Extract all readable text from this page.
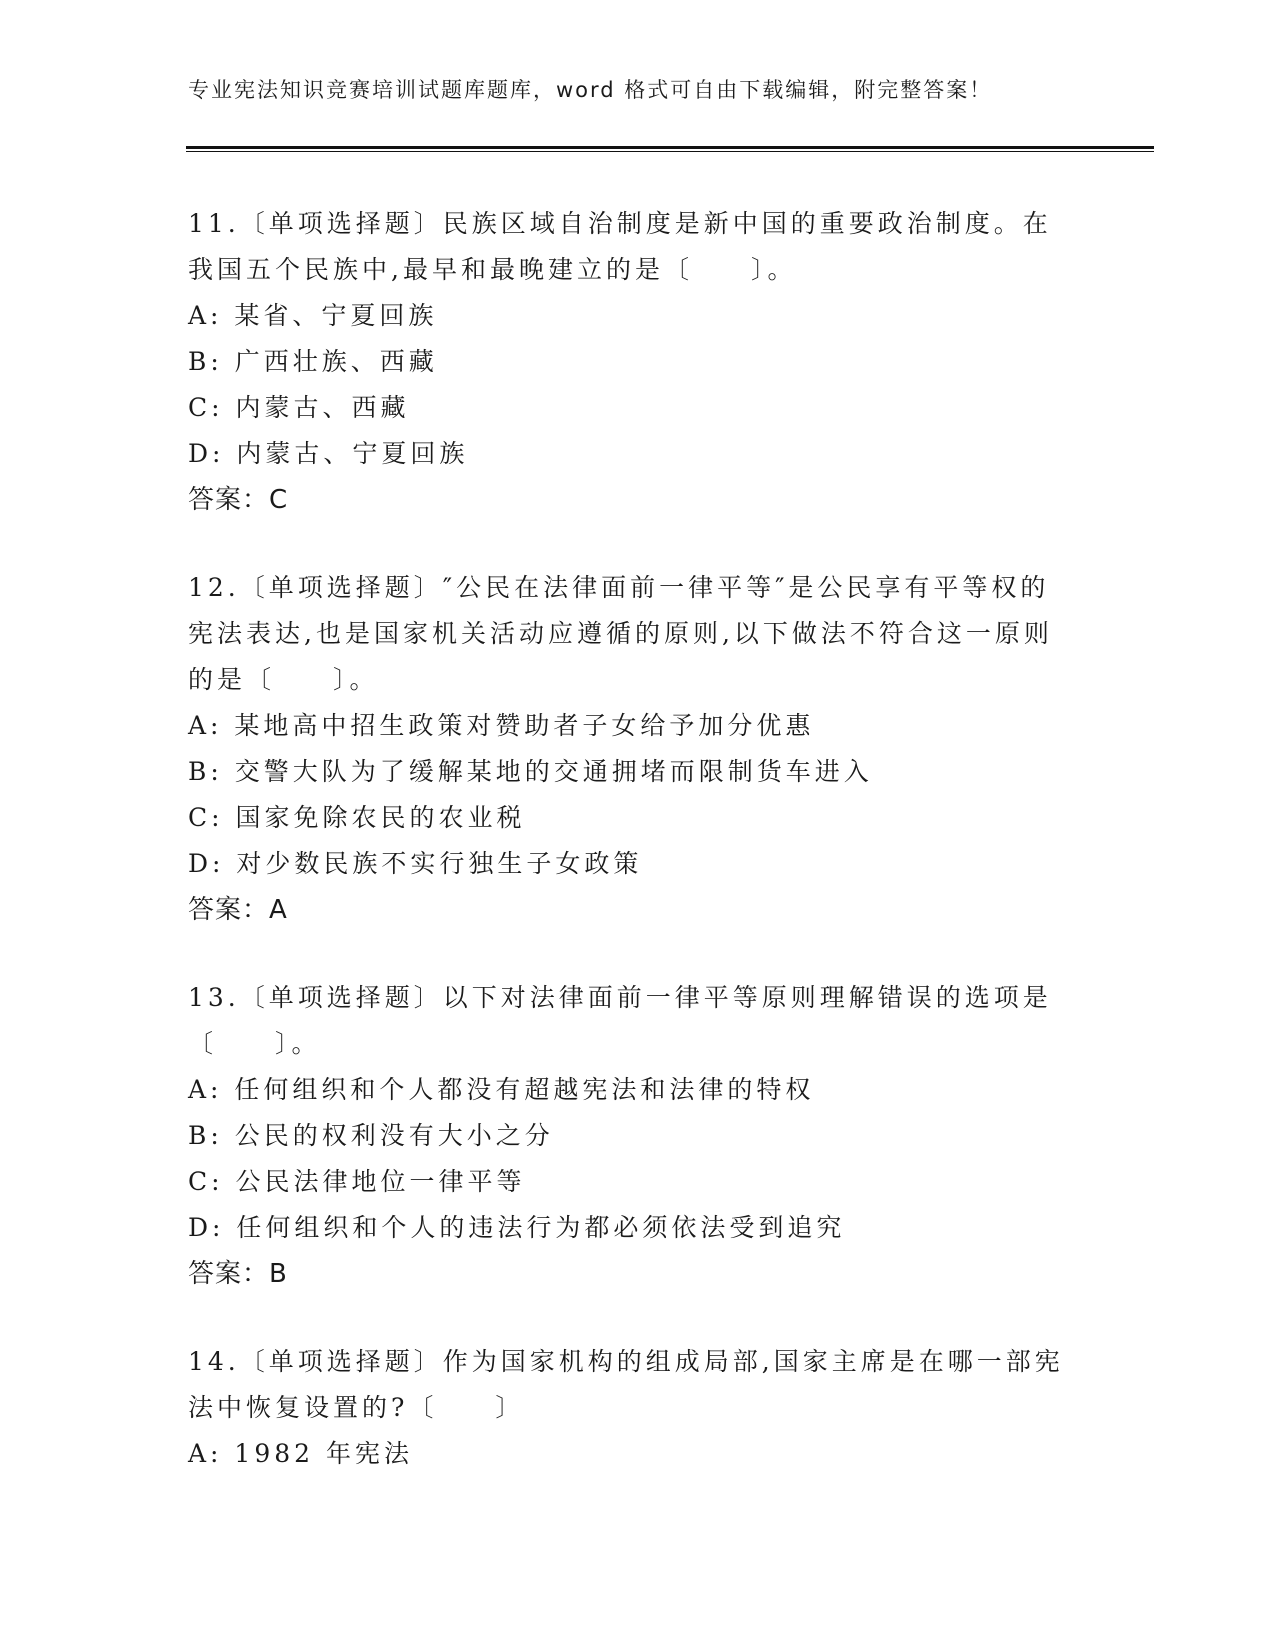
专业宪法知识竞赛培训试题库题库，word 格式可自由下载编辑，附完整答案！
11.〔单项选择题〕民族区域自治制度是新中国的重要政治制度。在我国五个民族中,最早和最晚建立的是〔　　〕。
A: 某省、宁夏回族
B: 广西壮族、西藏
C: 内蒙古、西藏
D: 内蒙古、宁夏回族
答案：C
12.〔单项选择题〕″公民在法律面前一律平等″是公民享有平等权的宪法表达,也是国家机关活动应遵循的原则,以下做法不符合这一原则的是〔　　〕。
A: 某地高中招生政策对赞助者子女给予加分优惠
B: 交警大队为了缓解某地的交通拥堵而限制货车进入
C: 国家免除农民的农业税
D: 对少数民族不实行独生子女政策
答案：A
13.〔单项选择题〕以下对法律面前一律平等原则理解错误的选项是〔　　〕。
A: 任何组织和个人都没有超越宪法和法律的特权
B: 公民的权利没有大小之分
C: 公民法律地位一律平等
D: 任何组织和个人的违法行为都必须依法受到追究
答案：B
14.〔单项选择题〕作为国家机构的组成局部,国家主席是在哪一部宪法中恢复设置的?〔　　〕
A: 1982 年宪法
